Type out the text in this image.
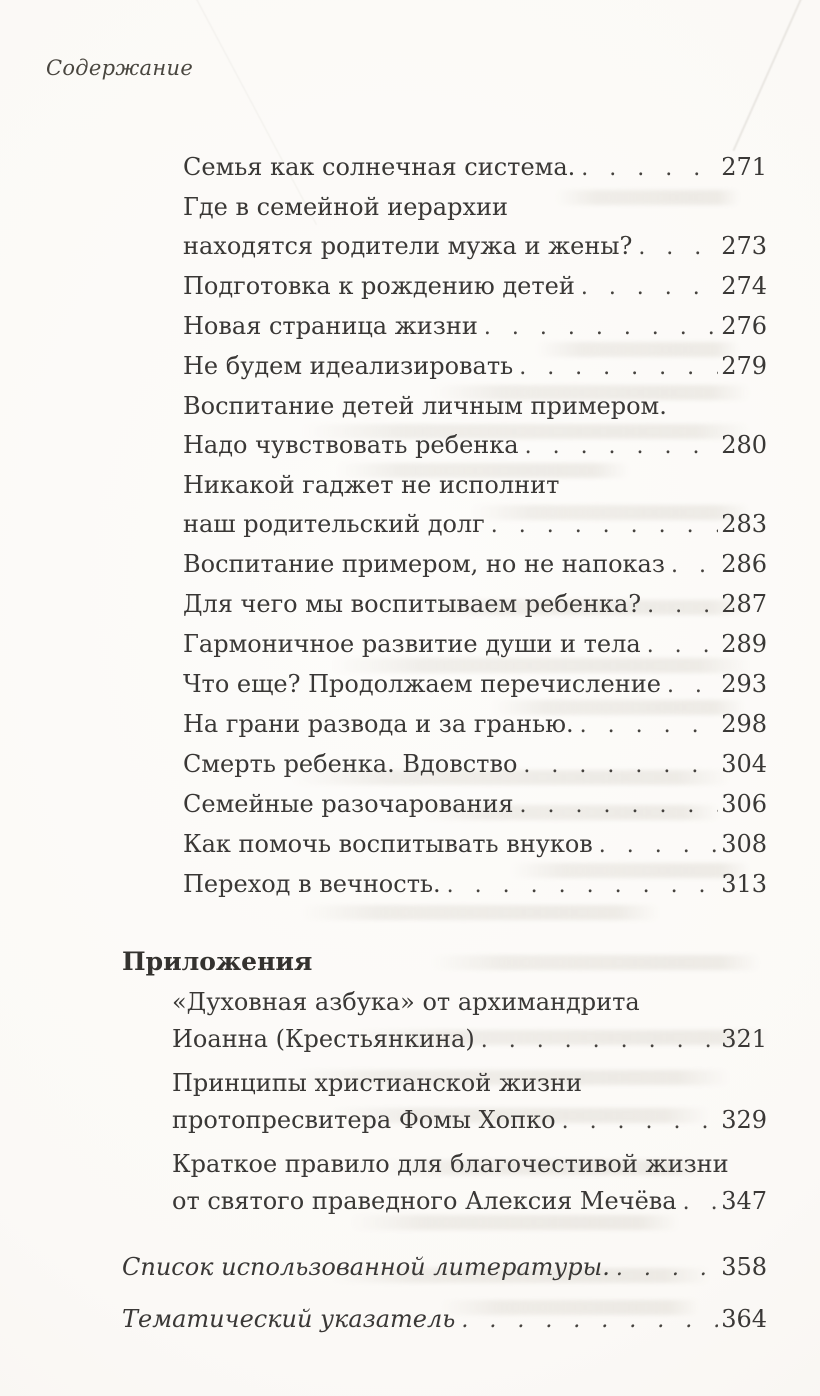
Содержание
Семья как солнечная система. . . .	271
Где в семейной иерархии
находятся родители мужа и жены? . . .	273
Подготовка к рождению детей . . .	274
Новая страница жизни . . .	276
Не будем идеализировать . . .	279
Воспитание детей личным примером.
Надо чувствовать ребенка . . .	280
Никакой гаджет не исполнит
наш родительский долг . . .	283
Воспитание примером, но не напоказ . . . 286
Для чего мы воспитываем ребенка? . . .	287
Гармоничное развитие души и тела . . .	289
Что еще? Продолжаем перечисление . . .	293
На грани развода и за гранью. . . .	298
Смерть ребенка. Вдовство . . .	304
Семейные разочарования . . .	306
Как помочь воспитывать внуков . . .	308
Переход в вечность. . . .	313
Приложения
«Духовная азбука» от архимандрита
Иоанна (Крестьянкина) . . .	321
Принципы христианской жизни
протопресвитера Фомы Хопко . . .	329
Краткое правило для благочестивой жизни
от святого праведного Алексия Мечёва . . . 347
Список использованной литературы. . . .	358
Тематический указатель . . .	364
